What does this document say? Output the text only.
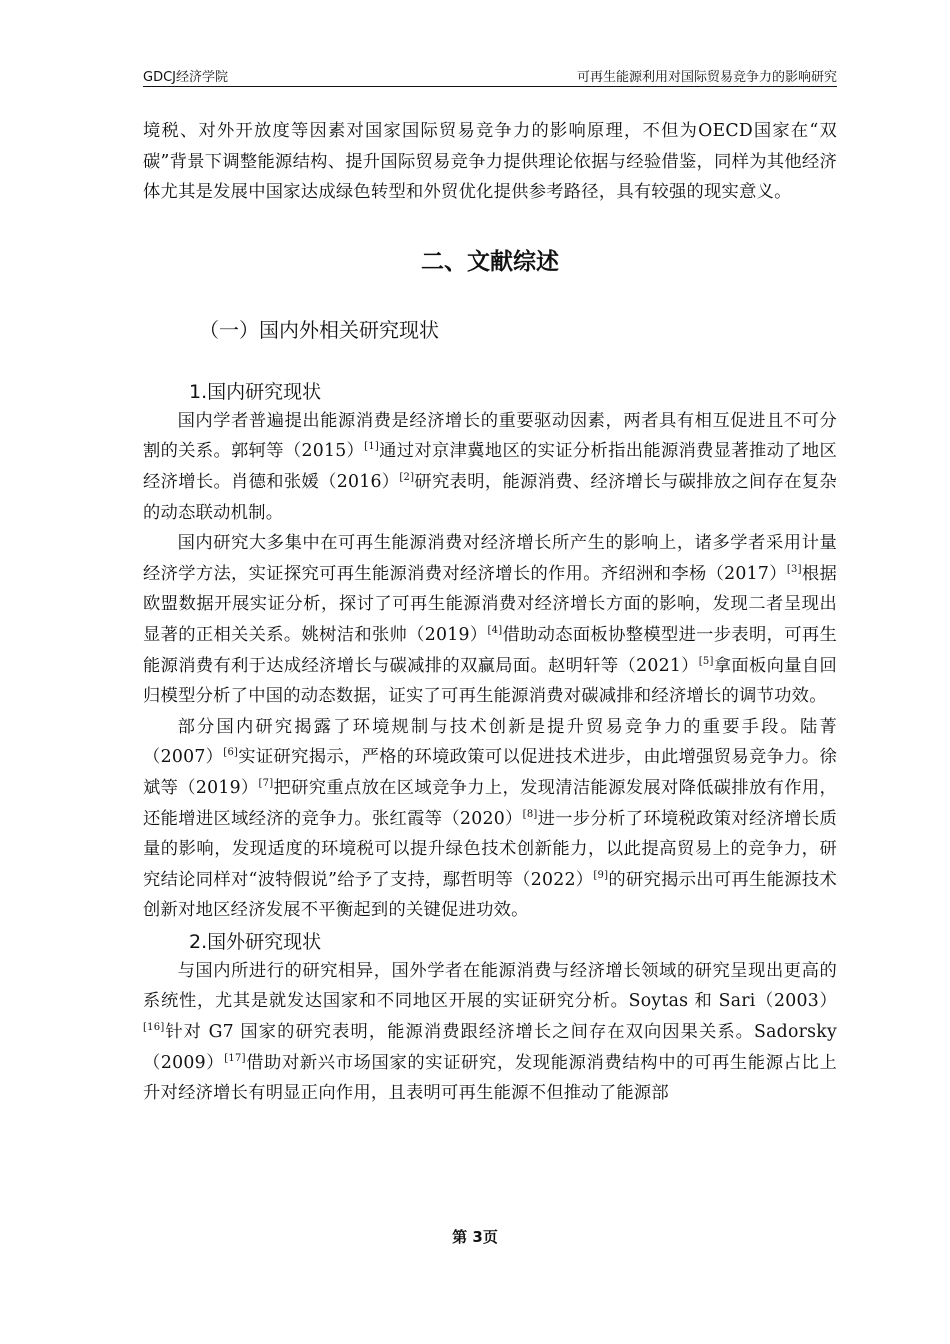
GDCJ经济学院	可再生能源利用对国际贸易竞争力的影响研究

境税、对外开放度等因素对国家国际贸易竞争力的影响原理，不但为OECD国家在“双碳”背景下调整能源结构、提升国际贸易竞争力提供理论依据与经验借鉴，同样为其他经济体尤其是发展中国家达成绿色转型和外贸优化提供参考路径，具有较强的现实意义。

二、文献综述
（一）国内外相关研究现状
1.国内研究现状

国内学者普遍提出能源消费是经济增长的重要驱动因素，两者具有相互促进且不可分割的关系。郭轲等（2015）[1]通过对京津冀地区的实证分析指出能源消费显著推动了地区经济增长。肖德和张媛（2016）[2]研究表明，能源消费、经济增长与碳排放之间存在复杂的动态联动机制。

国内研究大多集中在可再生能源消费对经济增长所产生的影响上，诸多学者采用计量经济学方法，实证探究可再生能源消费对经济增长的作用。齐绍洲和李杨（2017）[3]根据欧盟数据开展实证分析，探讨了可再生能源消费对经济增长方面的影响，发现二者呈现出显著的正相关关系。姚树洁和张帅（2019）[4]借助动态面板协整模型进一步表明，可再生能源消费有利于达成经济增长与碳减排的双赢局面。赵明轩等（2021）[5]拿面板向量自回归模型分析了中国的动态数据，证实了可再生能源消费对碳减排和经济增长的调节功效。

部分国内研究揭露了环境规制与技术创新是提升贸易竞争力的重要手段。陆菁（2007）[6]实证研究揭示，严格的环境政策可以促进技术进步，由此增强贸易竞争力。徐斌等（2019）[7]把研究重点放在区域竞争力上，发现清洁能源发展对降低碳排放有作用，还能增进区域经济的竞争力。张红霞等（2020）[8]进一步分析了环境税政策对经济增长质量的影响，发现适度的环境税可以提升绿色技术创新能力，以此提高贸易上的竞争力，研究结论同样对“波特假说”给予了支持，鄢哲明等（2022）[9]的研究揭示出可再生能源技术创新对地区经济发展不平衡起到的关键促进功效。

2.国外研究现状

与国内所进行的研究相异，国外学者在能源消费与经济增长领域的研究呈现出更高的系统性，尤其是就发达国家和不同地区开展的实证研究分析。Soytas 和 Sari（2003）[16]针对 G7 国家的研究表明，能源消费跟经济增长之间存在双向因果关系。Sadorsky（2009）[17]借助对新兴市场国家的实证研究，发现能源消费结构中的可再生能源占比上升对经济增长有明显正向作用，且表明可再生能源不但推动了能源部

第 3页
